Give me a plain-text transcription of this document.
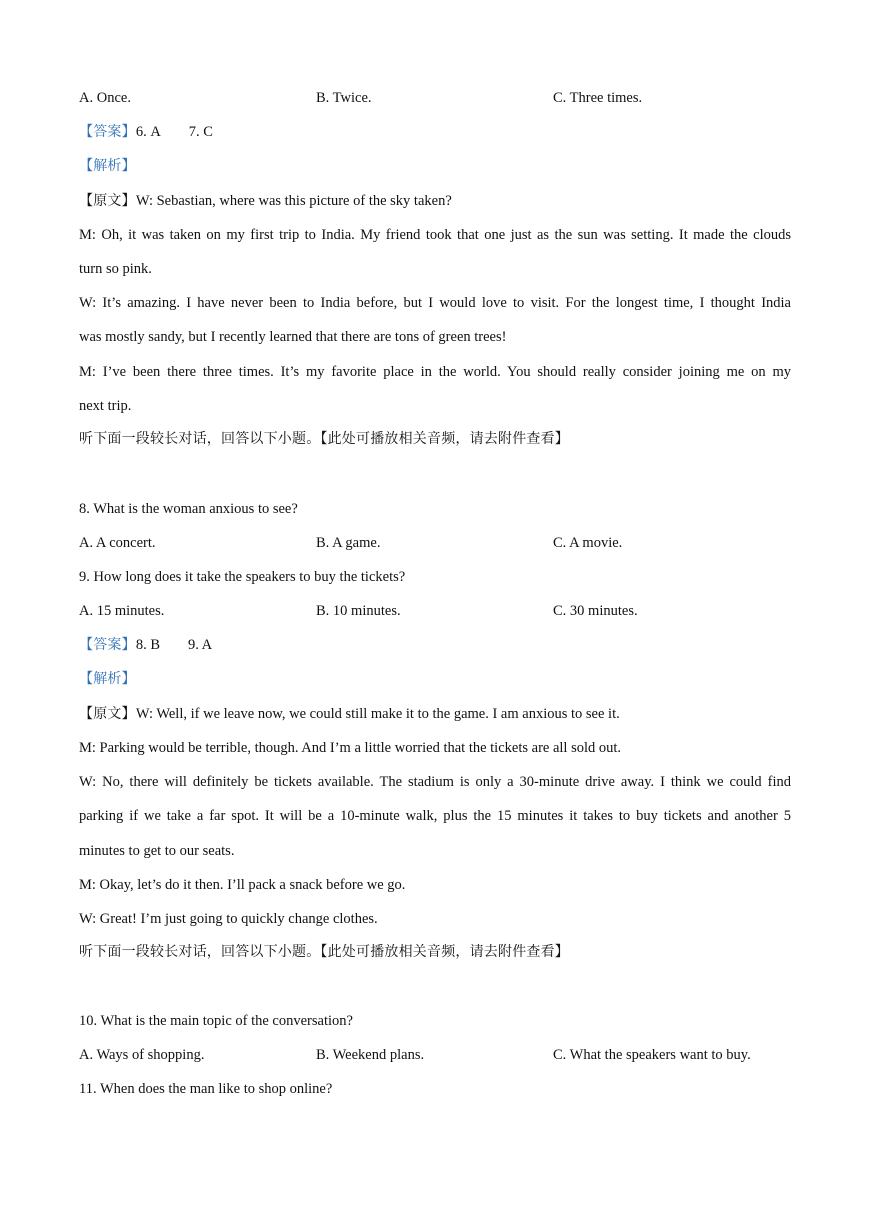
A. Once.	B. Twice.	C. Three times.
【答案】6. A 7. C
【解析】
【原文】W: Sebastian, where was this picture of the sky taken?
M: Oh, it was taken on my first trip to India. My friend took that one just as the sun was setting. It made the clouds
turn so pink.
W: It’s amazing. I have never been to India before, but I would love to visit. For the longest time, I thought India
was mostly sandy, but I recently learned that there are tons of green trees!
M: I’ve been there three times. It’s my favorite place in the world. You should really consider joining me on my
next trip.
听下面一段较长对话，回答以下小题。【此处可播放相关音频，请去附件查看】
8. What is the woman anxious to see?
A. A concert.	B. A game.	C. A movie.
9. How long does it take the speakers to buy the tickets?
A. 15 minutes.	B. 10 minutes.	C. 30 minutes.
【答案】8. B 9. A
【解析】
【原文】W: Well, if we leave now, we could still make it to the game. I am anxious to see it.
M: Parking would be terrible, though. And I’m a little worried that the tickets are all sold out.
W: No, there will definitely be tickets available. The stadium is only a 30-minute drive away. I think we could find
parking if we take a far spot. It will be a 10-minute walk, plus the 15 minutes it takes to buy tickets and another 5
minutes to get to our seats.
M: Okay, let’s do it then. I’ll pack a snack before we go.
W: Great! I’m just going to quickly change clothes.
听下面一段较长对话，回答以下小题。【此处可播放相关音频，请去附件查看】
10. What is the main topic of the conversation?
A. Ways of shopping.	B. Weekend plans.	C. What the speakers want to buy.
11. When does the man like to shop online?
